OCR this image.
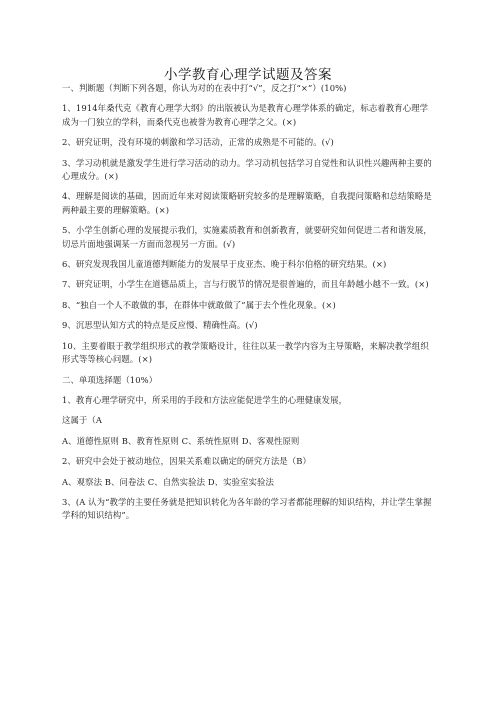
小学教育心理学试题及答案

一、判断题（判断下列各题，你认为对的在表中打“√”，反之打“×”）(10%)

1、1914年桑代克《教育心理学大纲》的出版被认为是教育心理学体系的确定，标志着教育心理学成为一门独立的学科，而桑代克也被誉为教育心理学之父。(×)

2、研究证明，没有环境的刺激和学习活动，正常的成熟是不可能的。(√)

3、学习动机就是激发学生进行学习活动的动力。学习动机包括学习自觉性和认识性兴趣两种主要的心理成分。(×)

4、理解是阅读的基础，因而近年来对阅读策略研究较多的是理解策略，自我提问策略和总结策略是两种最主要的理解策略。(×)

5、小学生创新心理的发展提示我们，实施素质教育和创新教育，就要研究如何促进二者和谐发展，切忌片面地强调某一方面而忽视另一方面。(√)

6、研究发现我国儿童道德判断能力的发展早于皮亚杰、晚于科尔伯格的研究结果。(×)

7、研究证明，小学生在道德品质上，言与行脱节的情况是很普遍的，而且年龄越小越不一致。(×)

8、“独自一个人不敢做的事，在群体中就敢做了”属于去个性化现象。(×)

9、沉思型认知方式的特点是反应慢、精确性高。(√)

10、主要着眼于教学组织形式的教学策略设计，往往以某一教学内容为主导策略，来解决教学组织形式等等核心问题。(×)

二、单项选择题（10%）

1、教育心理学研究中，所采用的手段和方法应能促进学生的心理健康发展，

这属于（A

A、道德性原则 B、教育性原则 C、系统性原则 D、客观性原则

2、研究中会处于被动地位，因果关系难以确定的研究方法是（B）

A、观察法 B、问卷法 C、自然实验法 D、实验室实验法

3、(A 认为“教学的主要任务就是把知识转化为各年龄的学习者都能理解的知识结构，并让学生掌握学科的知识结构”。
